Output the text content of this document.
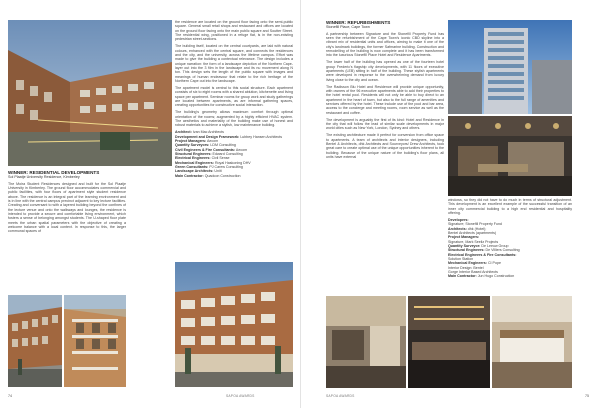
the residence are located on the ground floor facing onto the semi-public square. General small retail shops and restaurant and offices are located on the ground floor facing onto the main public square and Soutter Street. The residential wing, positioned in a refuge flat, is in the non-existing pedestrian street-sections.

The building itself, located on the central courtyards, are laid with natural colours, enhanced with the central square, and connects the residences and the city, and the university, across the lifetime campus. Effort was made to give the building a contextual relevance. The design includes a unique narration: the form of a landscape depiction of the Northern Cape-layer out into the 3 film in the landscape and its nu movement along N ton. This design sets the length of the public square with images and meanings of human endeavour that relate to the rich heritage of the Northern Cape out into the landscape.

The apartment model is central to this social structure. Each apartment consists of six to eight rooms with a shared ablution, kitchenette and living space per apartment. Seminar rooms for group work and study gatherings are located between apartments, as are informal gathering spaces, creating opportunities for constructive social interaction.

The building's geometry allows maximum comfort through optimal orientation of the rooms; augmented by a highly efficient HVAC system. The aesthetics and materiality of the building make use of honest and robust materials to achieve a stylish, low maintenance building.

Architect: Ivan Mac Architects

Development and Design Framework: Lubbey Hansen Architects

Project Managers: Aecom

Quantity Surveyors: LDM Consulting

Civil Engineers & Fire Consultants: Aecom

Structural Engineers: Edward Consulting

Electrical Engineers: Civil Sense

Mechanical Engineers: Royal Haskoning DHV

Green Consultants: PJ Carew Consulting

Landscape Architects: Uniti

Main Contractor: Quadcon Construction

WINNER: RESIDENTIAL DEVELOPMENTS
Sol Plaatje University Residence, Kimberley

The Moira Student Residences designed and built for the Sol Plaatje University in Kimberley. The ground floor accommodates commercial and public facilities, with four floors of apartment style student residence above. The residence is an integral part of the learning environment and is in line with the central campus precinct adjacent to key lecture facilities. Creating and conversant to with a layered building beyond the confines of the lecture venue and onto the walkways and lounges, the residence is intended to provide a secure and comfortable living environment, which fosters a sense of belonging amongst students. The U-shaped floor plate meets the urban spatial parameters with the objective of creating a welcome balance with a local context. In response to this, the larger communal spaces of

74	SAPOA AWARDS
WINNER: REFURBISHMENTS
Stonefill Place, Cape Town

A partnership between Signature and the Stonefill Property Fund has seen the refurbishment of the Cape Town's iconic CBD skyline into a vibrant mix of residential units and offices, aiming to make it one of the city's landmark buildings, the former Safmarine building. Construction and remodelling of the building is now complete and it has been transformed into the luxurious Stonefill Place Hotel and Residence Apartments.

The lower half of the building has opened as one of the fourteen hotel group Frederic's flagship city developments, with 11 floors of executive apartments (LEB) sitting in half of the building. These stylish apartments were developed in response to the overwhelming demand from luxury living close to the city and ocean.

The Radisson Blu Hotel and Residence will provide unique opportunity, with owners of the 96 executive apartments able to add their properties to the hotel rental pool. Residents will not only be able to buy direct to an apartment in the heart of town, but also to the full range of amenities and services offered by the hotel. These include use of the pool and bar area, access to the concierge and meeting rooms, room service as well as the restaurant and coffee.

The development is arguably the first of its kind: Hotel and Residence in the city that will follow the lead of similar scale developments in major world cities such as New York, London, Sydney and others.

The existing architecture made it perfect for conversion from office space to apartments. A team of architects and interior designers, including Bentel & Architects, dhk Architects and Sourveyors/ Drew Architects, took great care to create optimal use of the unique opportunities inherent to the building. Because of the unique nature of the building's floor plans, all units have external

windows, so they did not have to do much in terms of structural adjustment. This development is an excellent example of the successful transition of an inner city commercial building to a high end residential and hospitality offering.

Developers:

Signature; Stonefill Property Fund

Architects: dhk (Hotel);

Bentel Architects (apartments)

Project Managers:

Signature, Mark Seeliz Projects

Quantity Surveyor: De Leeuw Group

Structural Engineers: De Villiers Consulting

Electrical Engineers & Fire Consultants:

Solution Station

Mechanical Engineers: CI Pope

Interior Design: Bentel

Gorge Interior Based Architects

Main Contractor: Jun Hugo Construction

SAPOA AWARDS	75
